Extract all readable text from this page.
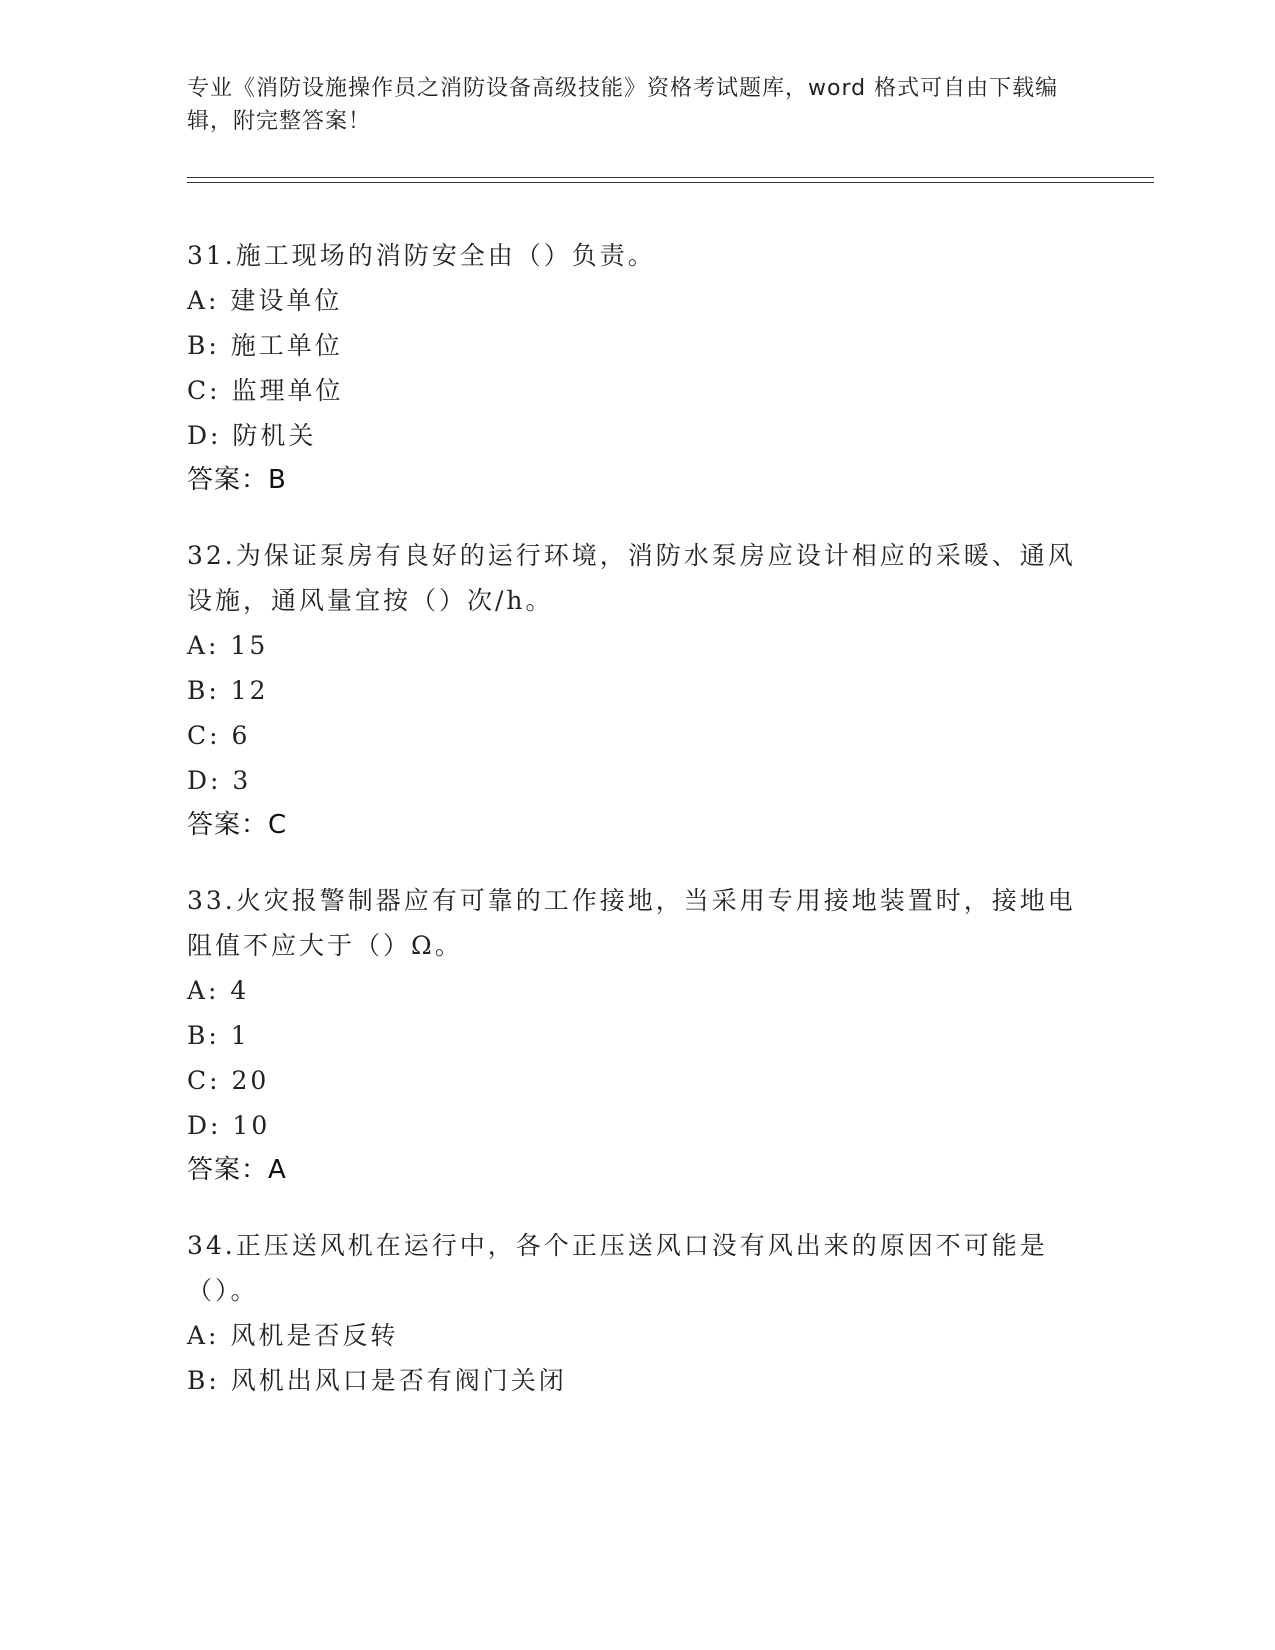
专业《消防设施操作员之消防设备高级技能》资格考试题库，word 格式可自由下载编辑，附完整答案！

31.施工现场的消防安全由（）负责。

A: 建设单位

B: 施工单位

C: 监理单位

D: 防机关

答案：B

32.为保证泵房有良好的运行环境，消防水泵房应设计相应的采暖、通风设施，通风量宜按（）次/h。

A: 15

B: 12

C: 6

D: 3

答案：C

33.火灾报警制器应有可靠的工作接地，当采用专用接地装置时，接地电阻值不应大于（）Ω。

A: 4

B: 1

C: 20

D: 10

答案：A

34.正压送风机在运行中，各个正压送风口没有风出来的原因不可能是（）。

A: 风机是否反转

B: 风机出风口是否有阀门关闭
